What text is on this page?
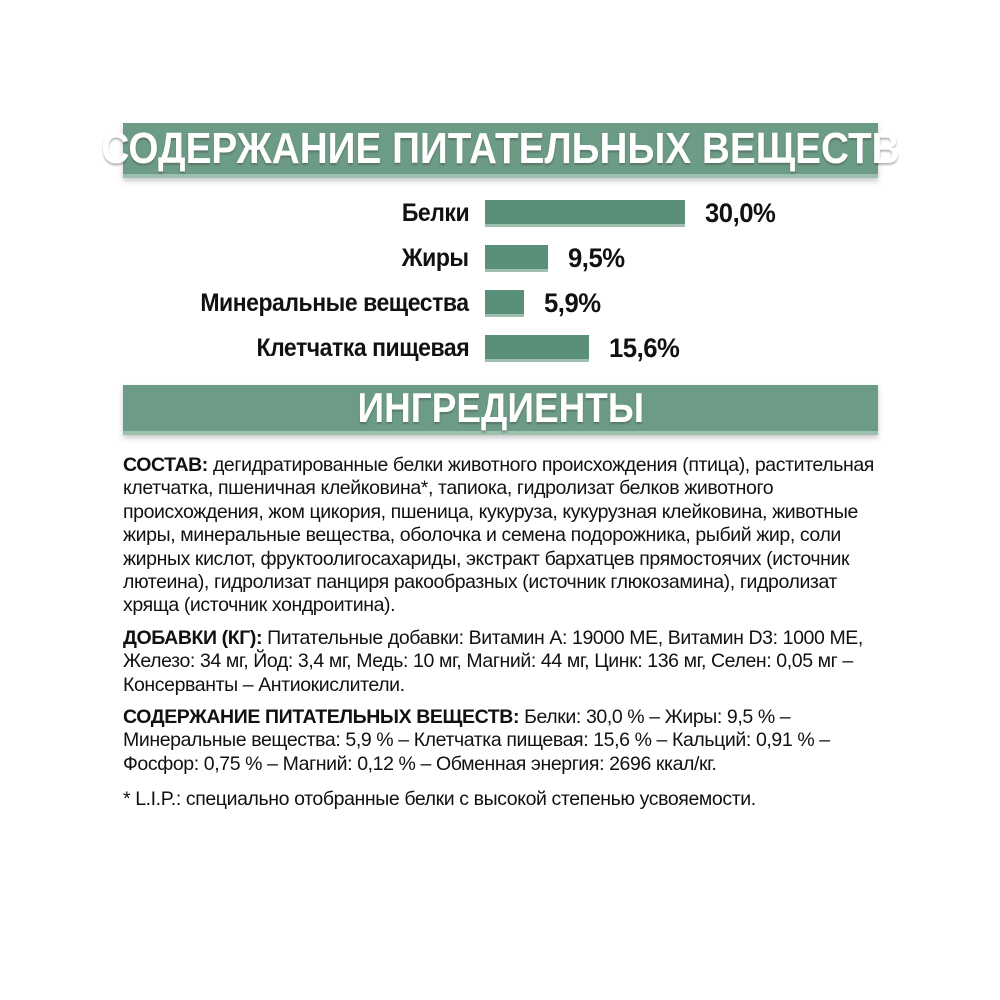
СОДЕРЖАНИЕ ПИТАТЕЛЬНЫХ ВЕЩЕСТВ
Белки	30,0%
Жиры	9,5%
Минеральные вещества	5,9%
Клетчатка пищевая	15,6%
ИНГРЕДИЕНТЫ

СОСТАВ: дегидратированные белки животного происхождения (птица), растительная клетчатка, пшеничная клейковина*, тапиока, гидролизат белков животного происхождения, жом цикория, пшеница, кукуруза, кукурузная клейковина, животные жиры, минеральные вещества, оболочка и семена подорожника, рыбий жир, соли жирных кислот, фруктоолигосахариды, экстракт бархатцев прямостоячих (источник лютеина), гидролизат панциря ракообразных (источник глюкозамина), гидролизат хряща (источник хондроитина).

ДОБАВКИ (КГ): Питательные добавки: Витамин A: 19000 МЕ, Витамин D3: 1000 МЕ, Железо: 34 мг, Йод: 3,4 мг, Медь: 10 мг, Магний: 44 мг, Цинк: 136 мг, Селен: 0,05 мг – Консерванты – Антиокислители.

СОДЕРЖАНИЕ ПИТАТЕЛЬНЫХ ВЕЩЕСТВ: Белки: 30,0 % – Жиры: 9,5 % – Минеральные вещества: 5,9 % – Клетчатка пищевая: 15,6 % – Кальций: 0,91 % – Фосфор: 0,75 % – Магний: 0,12 % – Обменная энергия: 2696 ккал/кг.

* L.I.P.: специально отобранные белки с высокой степенью усвояемости.
